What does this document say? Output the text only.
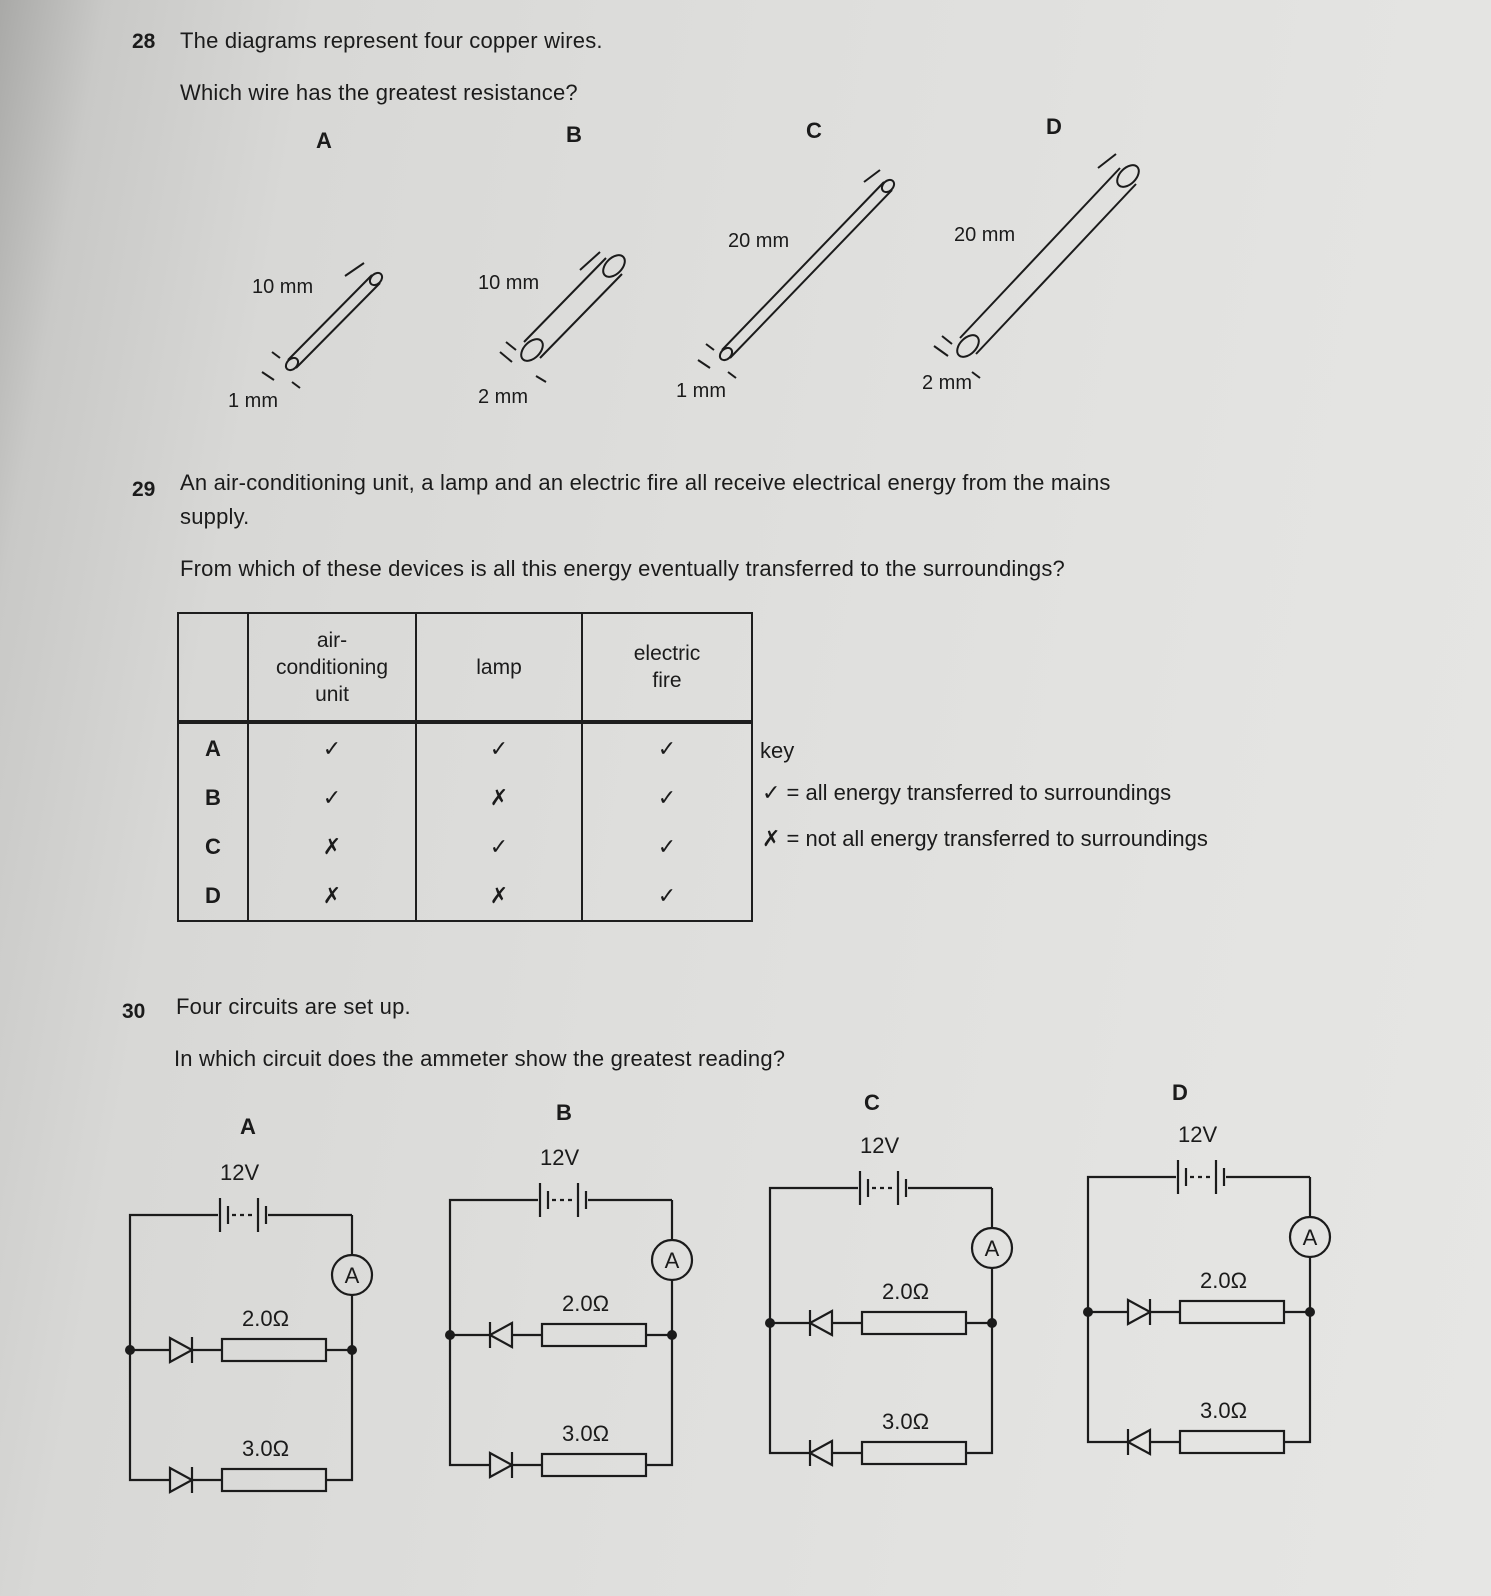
28 The diagrams represent four copper wires.
Which wire has the greatest resistance?
A	B	C	D
10 mm
1 mm
10 mm
2 mm
20 mm
1 mm
20 mm
2 mm
29 An air-conditioning unit, a lamp and an electric fire all receive electrical energy from the mains
supply.
From which of these devices is all this energy eventually transferred to the surroundings?
	air-
conditioning
unit	lamp	electric
fire
A	✓	✓	✓
B	✓	✗	✓
C	✗	✓	✓
D	✗	✗	✓
key
✓ = all energy transferred to surroundings
✗ = not all energy transferred to surroundings
30 Four circuits are set up.
In which circuit does the ammeter show the greatest reading?
A
B	C	D
12V
A
2.0Ω
3.0Ω
12V
A
2.0Ω
3.0Ω
12V
A
2.0Ω
3.0Ω
12V
A
2.0Ω
3.0Ω
